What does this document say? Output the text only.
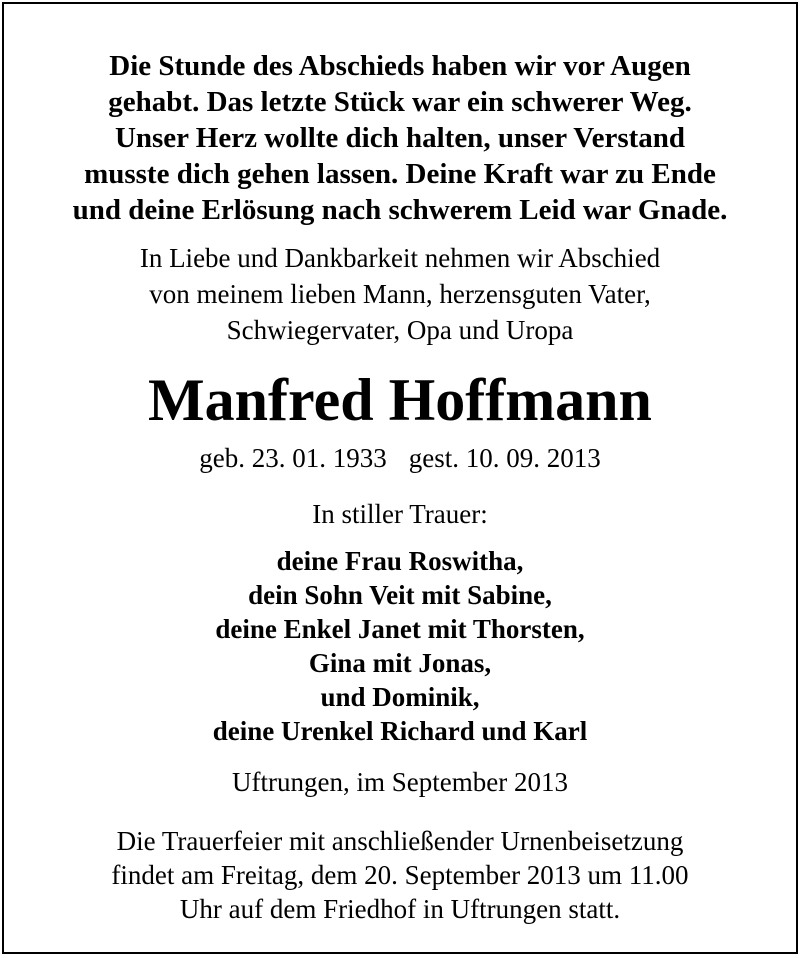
Die Stunde des Abschieds haben wir vor Augen
gehabt. Das letzte Stück war ein schwerer Weg.
Unser Herz wollte dich halten, unser Verstand
musste dich gehen lassen. Deine Kraft war zu Ende
und deine Erlösung nach schwerem Leid war Gnade.
In Liebe und Dankbarkeit nehmen wir Abschied
von meinem lieben Mann, herzensguten Vater,
Schwiegervater, Opa und Uropa
Manfred Hoffmann
geb. 23. 01. 1933 gest. 10. 09. 2013
In stiller Trauer:
deine Frau Roswitha,
dein Sohn Veit mit Sabine,
deine Enkel Janet mit Thorsten,
Gina mit Jonas,
und Dominik,
deine Urenkel Richard und Karl
Uftrungen, im September 2013
Die Trauerfeier mit anschließender Urnenbeisetzung
findet am Freitag, dem 20. September 2013 um 11.00
Uhr auf dem Friedhof in Uftrungen statt.
